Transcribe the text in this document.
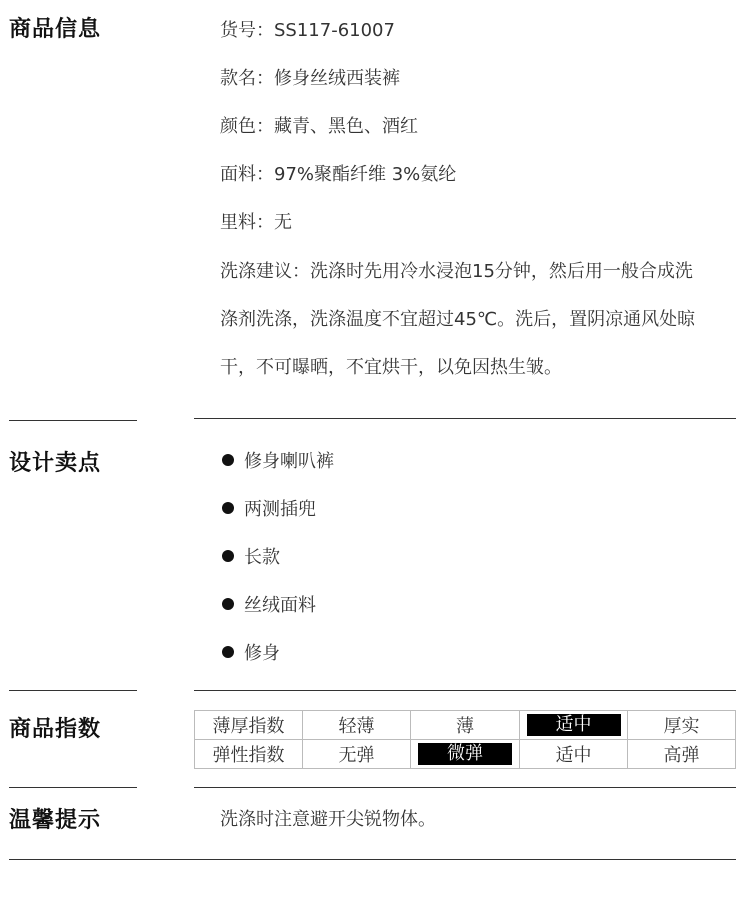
商品信息	货号：SS117-61007
款名：修身丝绒西装裤
颜色：藏青、黑色、酒红
面料：97%聚酯纤维 3%氨纶
里料：无
洗涤建议：洗涤时先用冷水浸泡15分钟，然后用一般合成洗
涤剂洗涤，洗涤温度不宜超过45℃。洗后，置阴凉通风处晾
干，不可曝晒，不宜烘干，以免因热生皱。
设计卖点	修身喇叭裤
两测插兜
长款
丝绒面料
修身
商品指数	薄厚指数	轻薄	薄	适中	厚实
弹性指数	无弹	微弹	适中	高弹
温馨提示	洗涤时注意避开尖锐物体。
